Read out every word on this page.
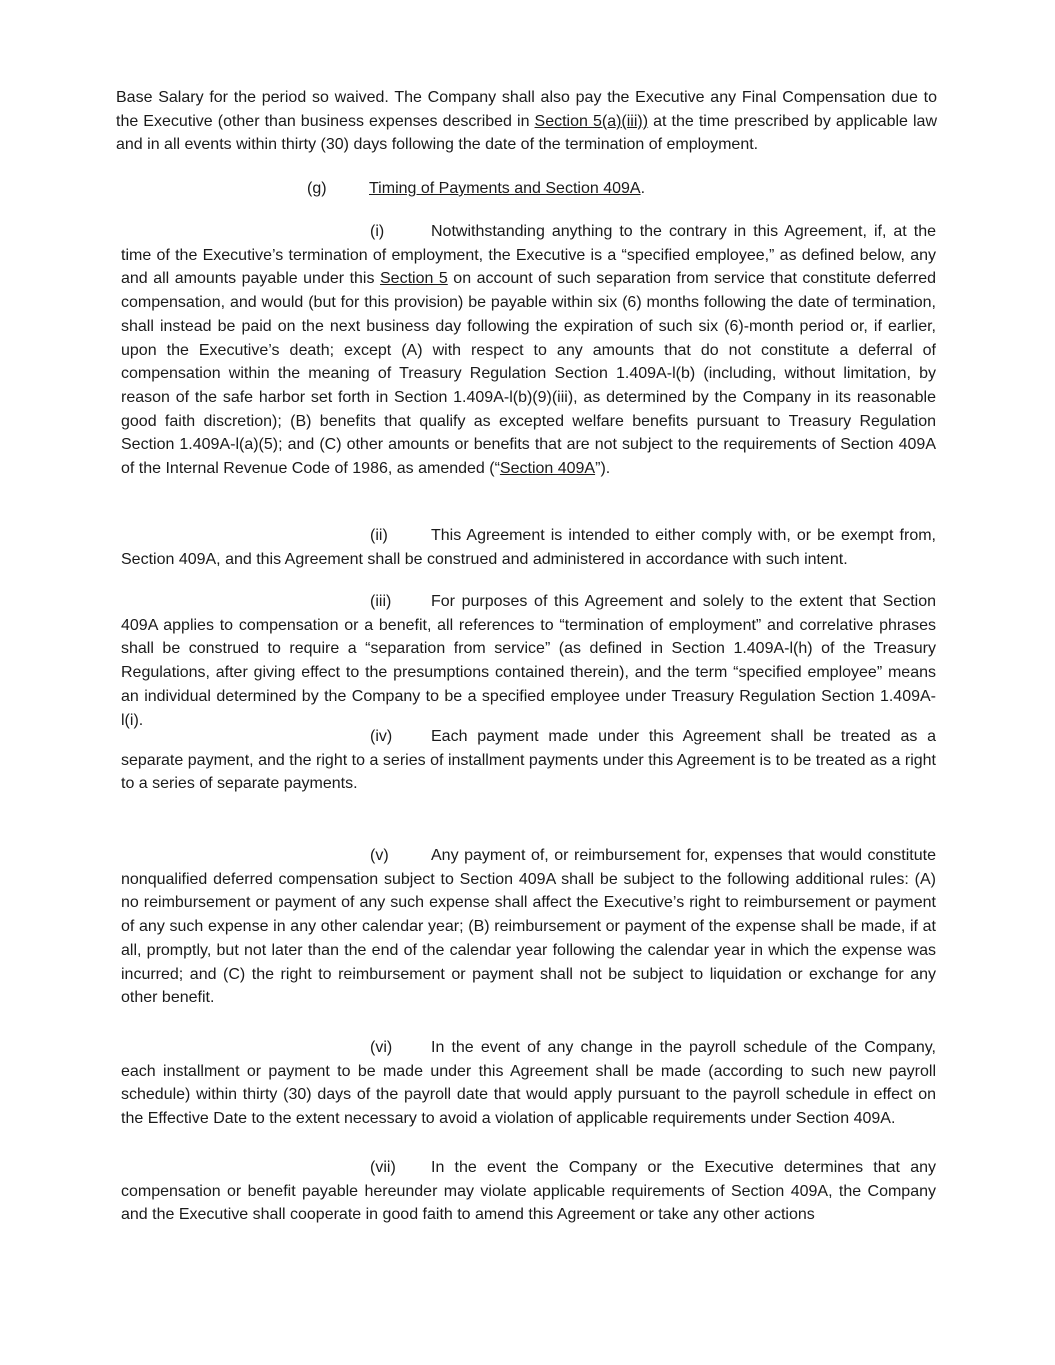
Base Salary for the period so waived. The Company shall also pay the Executive any Final Compensation due to the Executive (other than business expenses described in Section 5(a)(iii)) at the time prescribed by applicable law and in all events within thirty (30) days following the date of the termination of employment.

(g)	Timing of Payments and Section 409A.

(i)	Notwithstanding anything to the contrary in this Agreement, if, at the time of the Executive’s termination of employment, the Executive is a “specified employee,” as defined below, any and all amounts payable under this Section 5 on account of such separation from service that constitute deferred compensation, and would (but for this provision) be payable within six (6) months following the date of termination, shall instead be paid on the next business day following the expiration of such six (6)-month period or, if earlier, upon the Executive’s death; except (A) with respect to any amounts that do not constitute a deferral of compensation within the meaning of Treasury Regulation Section 1.409A-l(b) (including, without limitation, by reason of the safe harbor set forth in Section 1.409A-l(b)(9)(iii), as determined by the Company in its reasonable good faith discretion); (B) benefits that qualify as excepted welfare benefits pursuant to Treasury Regulation Section 1.409A-l(a)(5); and (C) other amounts or benefits that are not subject to the requirements of Section 409A of the Internal Revenue Code of 1986, as amended (“Section 409A”).

(ii)	This Agreement is intended to either comply with, or be exempt from, Section 409A, and this Agreement shall be construed and administered in accordance with such intent.

(iii) For purposes of this Agreement and solely to the extent that Section 409A applies to compensation or a benefit, all references to “termination of employment” and correlative phrases shall be construed to require a “separation from service” (as defined in Section 1.409A-l(h) of the Treasury Regulations, after giving effect to the presumptions contained therein), and the term “specified employee” means an individual determined by the Company to be a specified employee under Treasury Regulation Section 1.409A-l(i).

(iv) Each payment made under this Agreement shall be treated as a separate payment, and the right to a series of installment payments under this Agreement is to be treated as a right to a series of separate payments.

(v)	Any payment of, or reimbursement for, expenses that would constitute nonqualified deferred compensation subject to Section 409A shall be subject to the following additional rules: (A) no reimbursement or payment of any such expense shall affect the Executive’s right to reimbursement or payment of any such expense in any other calendar year; (B) reimbursement or payment of the expense shall be made, if at all, promptly, but not later than the end of the calendar year following the calendar year in which the expense was incurred; and (C) the right to reimbursement or payment shall not be subject to liquidation or exchange for any other benefit.

(vi) In the event of any change in the payroll schedule of the Company, each installment or payment to be made under this Agreement shall be made (according to such new payroll schedule) within thirty (30) days of the payroll date that would apply pursuant to the payroll schedule in effect on the Effective Date to the extent necessary to avoid a violation of applicable requirements under Section 409A.

(vii) In the event the Company or the Executive determines that any compensation or benefit payable hereunder may violate applicable requirements of Section 409A, the Company and the Executive shall cooperate in good faith to amend this Agreement or take any other actions
